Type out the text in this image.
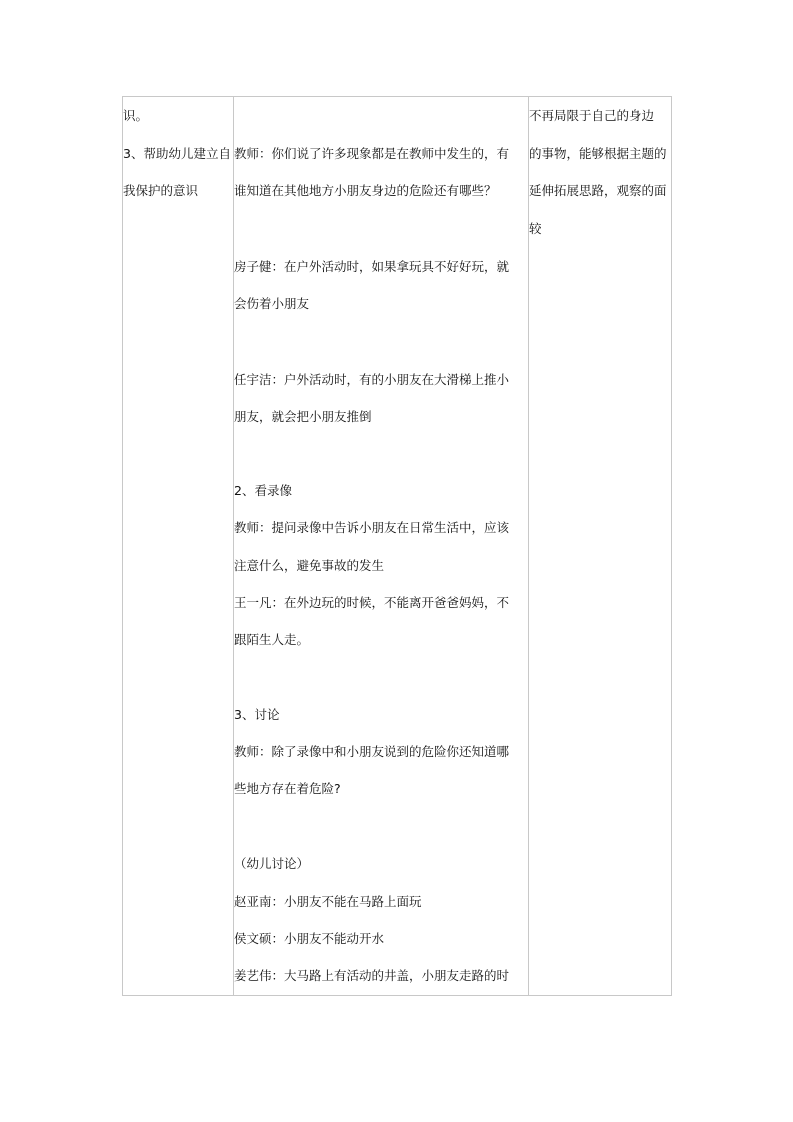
识。
3、帮助幼儿建立自
我保护的意识
教师：你们说了许多现象都是在教师中发生的，有
谁知道在其他地方小朋友身边的危险还有哪些？
房子健：在户外活动时，如果拿玩具不好好玩，就
会伤着小朋友
任宇洁：户外活动时，有的小朋友在大滑梯上推小
朋友，就会把小朋友推倒
2、看录像
教师：提问录像中告诉小朋友在日常生活中，应该
注意什么，避免事故的发生
王一凡：在外边玩的时候，不能离开爸爸妈妈，不
跟陌生人走。
3、讨论
教师：除了录像中和小朋友说到的危险你还知道哪
些地方存在着危险?
（幼儿讨论）
赵亚南：小朋友不能在马路上面玩
侯文硕：小朋友不能动开水
姜艺伟：大马路上有活动的井盖，小朋友走路的时
不再局限于自己的身边
的事物，能够根据主题的
延伸拓展思路，观察的面
较
